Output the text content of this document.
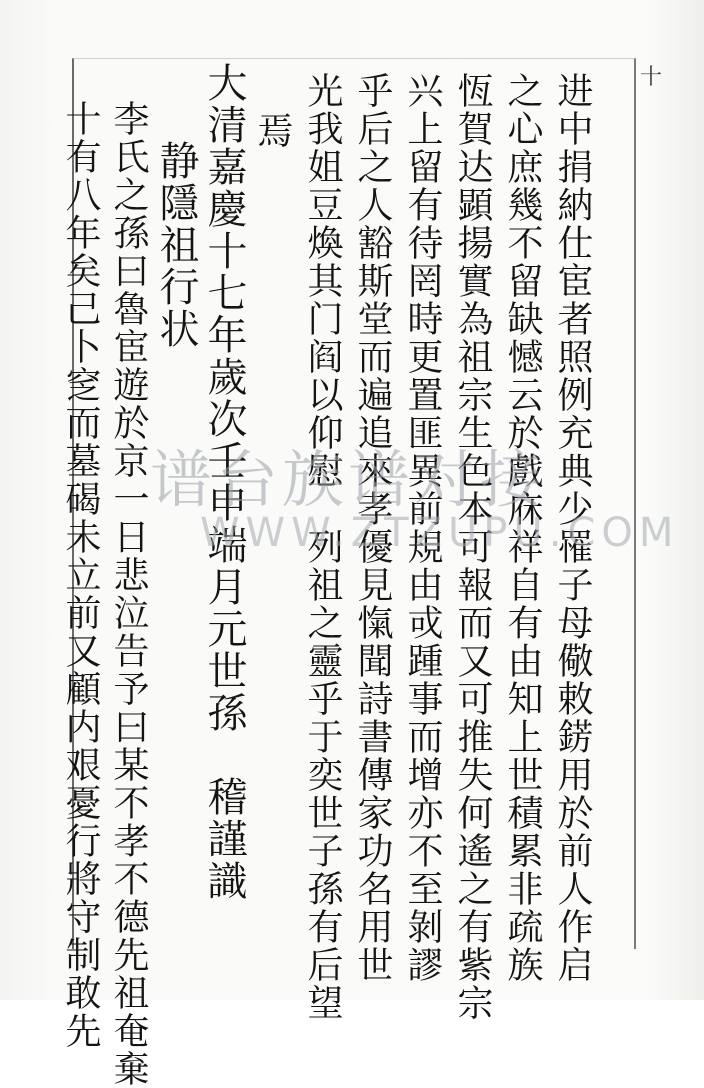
十
进中捐納仕宦者照例充典少罹子母儆敕錺用於前人作启
之心庶幾不留缺憾云於戲庥祥自有由知上世積累非疏族
恆賀达顕揚實為祖宗生色本可報而又可推失何遙之有紫宗
兴上留有待罔時更置匪異前規由戓踵事而增亦不至剝謬
乎后之人豁斯堂而遍追來孝優見愾聞詩書傳家功名用世
光我姐豆煥其门阎以仰慰　列祖之靈乎于奕世子孫有后望
焉
大清嘉慶十七年歲次壬申端月元世孫　稽謹識
静隱祖行状
李氏之孫曰魯宦遊於京一日悲泣告予曰某不孝不德先祖奄棄
十有八年矣己卜窆而墓碣未立前又顧内艰憂行將守制敢先 谱台族谱对接
WWW.ZTZUPU.COM
